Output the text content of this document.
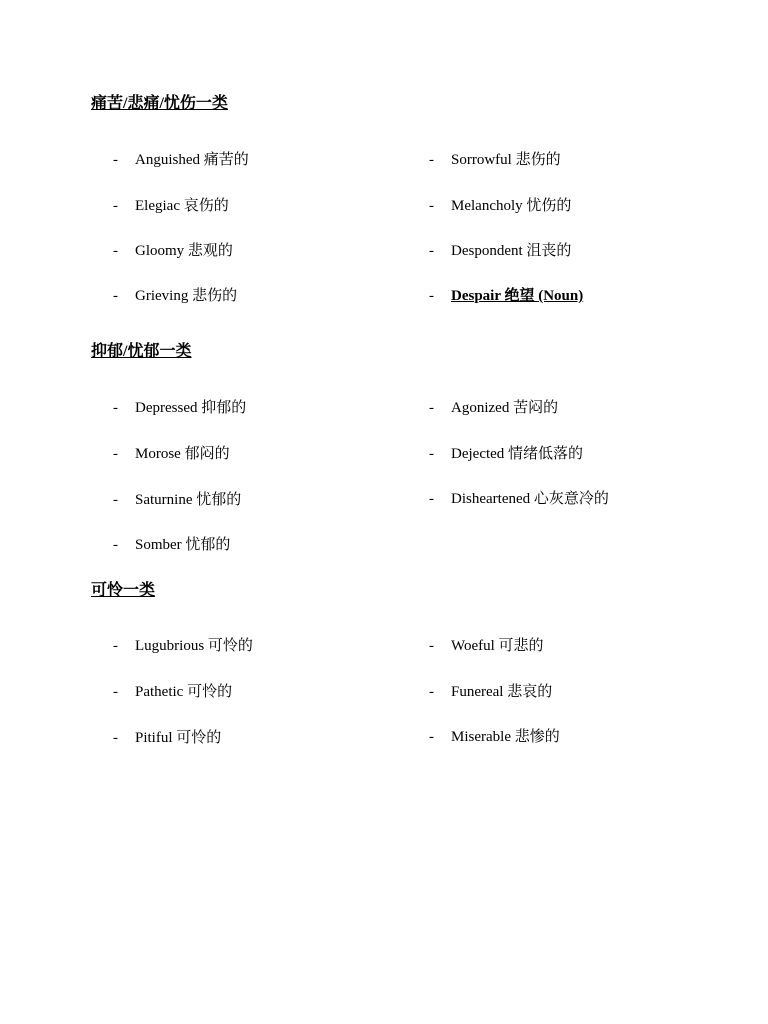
痛苦/悲痛/忧伤一类
- Anguished 痛苦的
- Elegiac 哀伤的
- Gloomy 悲观的
- Grieving 悲伤的
- Sorrowful 悲伤的
- Melancholy 忧伤的
- Despondent 沮丧的
- Despair 绝望 (Noun)
抑郁/忧郁一类
- Depressed 抑郁的
- Morose 郁闷的
- Saturnine 忧郁的
- Somber 忧郁的
- Agonized 苦闷的
- Dejected 情绪低落的
- Disheartened 心灰意冷的
可怜一类
- Lugubrious 可怜的
- Pathetic 可怜的
- Pitiful 可怜的
- Woeful 可悲的
- Funereal 悲哀的
- Miserable 悲惨的
